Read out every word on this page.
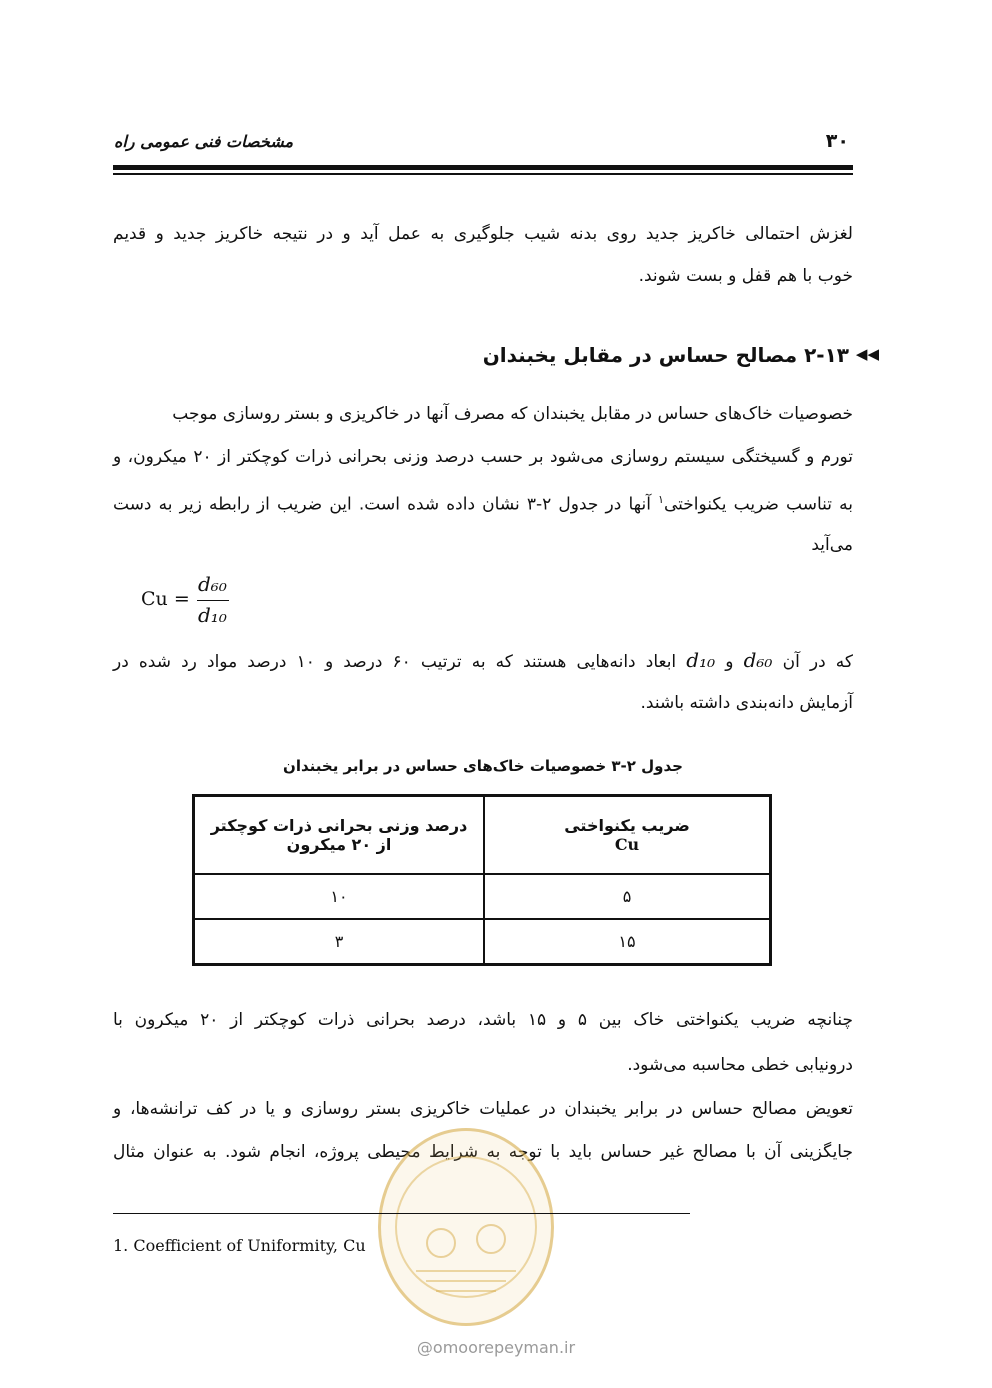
۳۰
مشخصات فنی عمومی راه
لغزش احتمالی خاکریز جدید روی بدنه شیب جلوگیری به عمل آید و در نتیجه خاکریز جدید و قدیم
خوب با هم قفل و بست شوند.
◀◀
۲-۱۳ مصالح حساس در مقابل یخبندان
خصوصیات خاک‌های حساس در مقابل یخبندان که مصرف آنها در خاکریزی و بستر روسازی موجب
تورم و گسیختگی سیستم روسازی می‌شود بر حسب درصد وزنی بحرانی ذرات کوچکتر از ۲۰ میکرون، و
به تناسب ضریب یکنواختی$^۱$ آنها در جدول ۲-۳ نشان داده شده است. این ضریب از رابطه زیر به دست
می‌آید
Cu =
d₆₀
d₁₀
که در آن d₆₀ و d₁₀ ابعاد دانه‌هایی هستند که به ترتیب ۶۰ درصد و ۱۰ درصد مواد رد شده در
آزمایش دانه‌بندی داشته باشند.
جدول ۲-۳ خصوصیات خاک‌های حساس در برابر یخبندان
ضریب یکنواختی
Cu
درصد وزنی بحرانی ذرات کوچکتر
از ۲۰ میکرون
۵
۱۰
۱۵
۳
چنانچه ضریب یکنواختی خاک بین ۵ و ۱۵ باشد، درصد بحرانی ذرات کوچکتر از ۲۰ میکرون با
درونیابی خطی محاسبه می‌شود.
تعویض مصالح حساس در برابر یخبندان در عملیات خاکریزی بستر روسازی و یا در کف ترانشه‌ها، و
جایگزینی آن با مصالح غیر حساس باید با توجه به شرایط محیطی پروژه، انجام شود. به عنوان مثال
1. Coefficient of Uniformity, Cu
@omoorepeyman.ir
